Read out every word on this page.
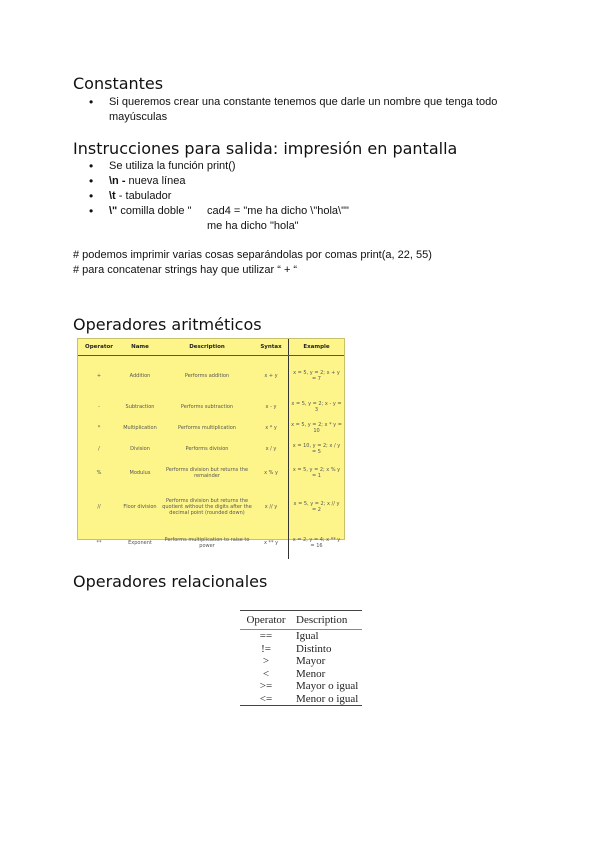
Constantes
• Si queremos crear una constante tenemos que darle un nombre que tenga todo mayúsculas
Instrucciones para salida: impresión en pantalla
• Se utiliza la función print()
• \n - nueva línea
• \t - tabulador
• \" comilla doble " cad4 = "me ha dicho \"hola\""

me ha dicho "hola"

# podemos imprimir varias cosas separándolas por comas print(a, 22, 55)

# para concatenar strings hay que utilizar “ + “

Operadores aritméticos
Operator	Name	Description	Syntax	Example
+	Addition	Performs addition	x + y	x = 5, y = 2; x + y = 7
-	Subtraction	Performs subtraction	x - y	x = 5, y = 2; x - y = 3
*	Multiplication	Performs multiplication	x * y	x = 5, y = 2; x * y = 10
/	Division	Performs division	x / y	x = 10, y = 2; x / y = 5
%	Modulus	Performs division but returns the remainder	x % y	x = 5, y = 2; x % y = 1
//	Floor division	Performs division but returns the quotient without the digits after the decimal point (rounded down)	x // y	x = 5, y = 2; x // y = 2
**	Exponent	Performs multiplication to raise to power	x ** y	x = 2, y = 4; x ** y = 16
Operadores relacionales
Operator	Description
==	Igual
!=	Distinto
>	Mayor
<	Menor
>=	Mayor o igual
<=	Menor o igual
